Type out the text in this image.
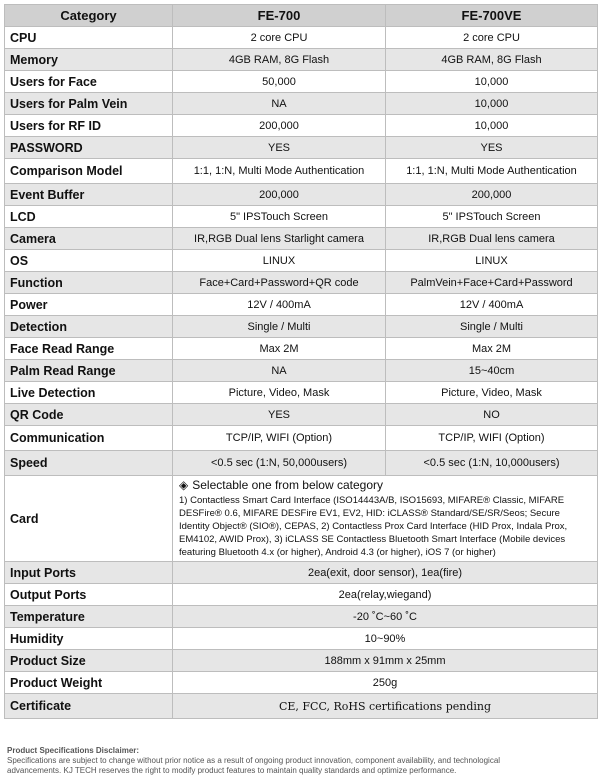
Category	FE-700	FE-700VE
CPU	2 core CPU	2 core CPU
Memory	4GB RAM, 8G Flash	4GB RAM, 8G Flash
Users for Face	50,000	10,000
Users for Palm Vein	NA	10,000
Users for RF ID	200,000	10,000
PASSWORD	YES	YES
Comparison Model	1:1, 1:N, Multi Mode Authentication	1:1, 1:N, Multi Mode Authentication
Event Buffer	200,000	200,000
LCD	5" IPSTouch Screen	5" IPSTouch Screen
Camera	IR,RGB Dual lens Starlight camera	IR,RGB Dual lens camera
OS	LINUX	LINUX
Function	Face+Card+Password+QR code	PalmVein+Face+Card+Password
Power	12V / 400mA	12V / 400mA
Detection	Single / Multi	Single / Multi
Face Read Range	Max 2M	Max 2M
Palm Read Range	NA	15~40cm
Live Detection	Picture, Video, Mask	Picture, Video, Mask
QR Code	YES	NO
Communication	TCP/IP, WIFI (Option)	TCP/IP, WIFI (Option)
Speed	<0.5 sec (1:N, 50,000users)	<0.5 sec (1:N, 10,000users)
Card	◈ Selectable one from below category
1) Contactless Smart Card Interface (ISO14443A/B, ISO15693, MIFARE® Classic, MIFARE DESFire® 0.6, MIFARE DESFire EV1, EV2, HID: iCLASS® Standard/SE/SR/Seos; Secure Identity Object® (SIO®), CEPAS, 2) Contactless Prox Card Interface (HID Prox, Indala Prox, EM4102, AWID Prox), 3) iCLASS SE Contactless Bluetooth Smart Interface (Mobile devices featuring Bluetooth 4.x (or higher), Android 4.3 (or higher), iOS 7 (or higher)	

Input Ports	2ea(exit, door sensor), 1ea(fire)	
Output Ports	2ea(relay,wiegand)	
Temperature	-20 ˚C~60 ˚C	
Humidity	10~90%	
Product Size	188mm x 91mm x 25mm	
Product Weight	250g	
Certificate	CE, FCC, RoHS certifications pending	
Product Specifications Disclaimer:
Specifications are subject to change without prior notice as a result of ongoing product innovation, component availability, and technological
advancements. KJ TECH reserves the right to modify product features to maintain quality standards and optimize performance.
